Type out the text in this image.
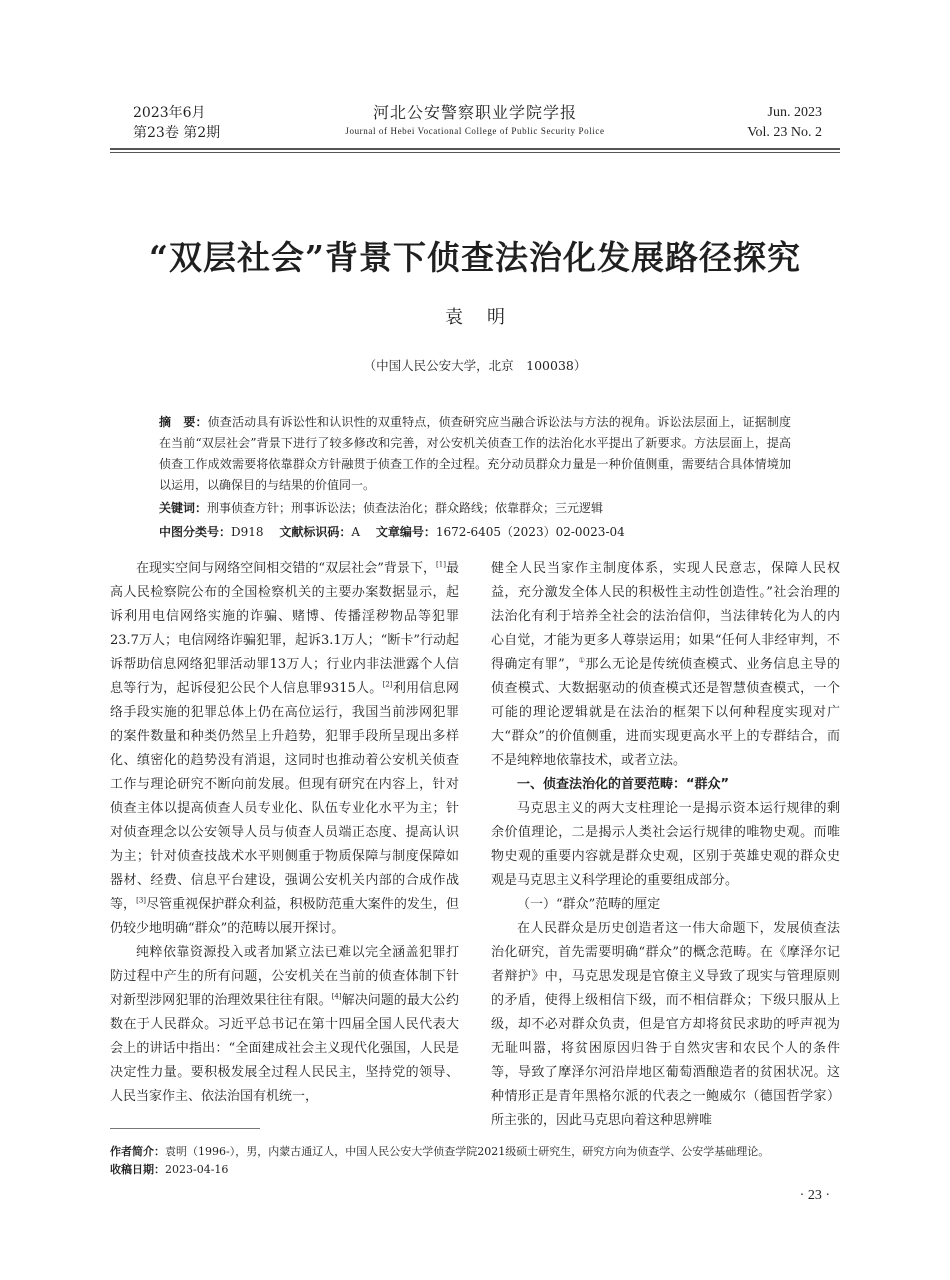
2023年6月
第23卷 第2期
河北公安警察职业学院学报
Journal of Hebei Vocational College of Public Security Police
Jun. 2023
Vol. 23 No. 2
“双层社会”背景下侦查法治化发展路径探究
袁明
（中国人民公安大学，北京　100038）
摘　要：侦查活动具有诉讼性和认识性的双重特点，侦查研究应当融合诉讼法与方法的视角。诉讼法层面上，证据制度在当前“双层社会”背景下进行了较多修改和完善，对公安机关侦查工作的法治化水平提出了新要求。方法层面上，提高侦查工作成效需要将依靠群众方针融贯于侦查工作的全过程。充分动员群众力量是一种价值侧重，需要结合具体情境加以运用，以确保目的与结果的价值同一。
关键词：刑事侦查方针；刑事诉讼法；侦查法治化；群众路线；依靠群众；三元逻辑
中图分类号：D918　 文献标识码：A　 文章编号：1672-6405（2023）02-0023-04

在现实空间与网络空间相交错的“双层社会”背景下，[1]最高人民检察院公布的全国检察机关的主要办案数据显示，起诉利用电信网络实施的诈骗、赌博、传播淫秽物品等犯罪23.7万人；电信网络诈骗犯罪，起诉3.1万人；“断卡”行动起诉帮助信息网络犯罪活动罪13万人；行业内非法泄露个人信息等行为，起诉侵犯公民个人信息罪9315人。[2]利用信息网络手段实施的犯罪总体上仍在高位运行，我国当前涉网犯罪的案件数量和种类仍然呈上升趋势，犯罪手段所呈现出多样化、缜密化的趋势没有消退，这同时也推动着公安机关侦查工作与理论研究不断向前发展。但现有研究在内容上，针对侦查主体以提高侦查人员专业化、队伍专业化水平为主；针对侦查理念以公安领导人员与侦查人员端正态度、提高认识为主；针对侦查技战术水平则侧重于物质保障与制度保障如器材、经费、信息平台建设，强调公安机关内部的合成作战等，[3]尽管重视保护群众利益，积极防范重大案件的发生，但仍较少地明确“群众”的范畴以展开探讨。

纯粹依靠资源投入或者加紧立法已难以完全涵盖犯罪打防过程中产生的所有问题，公安机关在当前的侦查体制下针对新型涉网犯罪的治理效果往往有限。[4]解决问题的最大公约数在于人民群众。习近平总书记在第十四届全国人民代表大会上的讲话中指出：“全面建成社会主义现代化强国，人民是决定性力量。要积极发展全过程人民民主，坚持党的领导、人民当家作主、依法治国有机统一，

健全人民当家作主制度体系，实现人民意志，保障人民权益，充分激发全体人民的积极性主动性创造性。”社会治理的法治化有利于培养全社会的法治信仰，当法律转化为人的内心自觉，才能为更多人尊崇运用；如果“任何人非经审判，不得确定有罪”，①那么无论是传统侦查模式、业务信息主导的侦查模式、大数据驱动的侦查模式还是智慧侦查模式，一个可能的理论逻辑就是在法治的框架下以何种程度实现对广大“群众”的价值侧重，进而实现更高水平上的专群结合，而不是纯粹地依靠技术，或者立法。

一、侦查法治化的首要范畴：“群众”

马克思主义的两大支柱理论一是揭示资本运行规律的剩余价值理论，二是揭示人类社会运行规律的唯物史观。而唯物史观的重要内容就是群众史观，区别于英雄史观的群众史观是马克思主义科学理论的重要组成部分。

（一）“群众”范畴的厘定

在人民群众是历史创造者这一伟大命题下，发展侦查法治化研究，首先需要明确“群众”的概念范畴。在《摩泽尔记者辩护》中，马克思发现是官僚主义导致了现实与管理原则的矛盾，使得上级相信下级，而不相信群众；下级只服从上级，却不必对群众负责，但是官方却将贫民求助的呼声视为无耻叫嚣，将贫困原因归咎于自然灾害和农民个人的条件等，导致了摩泽尔河沿岸地区葡萄酒酿造者的贫困状况。这种情形正是青年黑格尔派的代表之一鲍威尔（德国哲学家）所主张的，因此马克思向着这种思辨唯

作者简介：袁明（1996-），男，内蒙古通辽人，中国人民公安大学侦查学院2021级硕士研究生，研究方向为侦查学、公安学基础理论。
收稿日期：2023-04-16
· 23 ·
